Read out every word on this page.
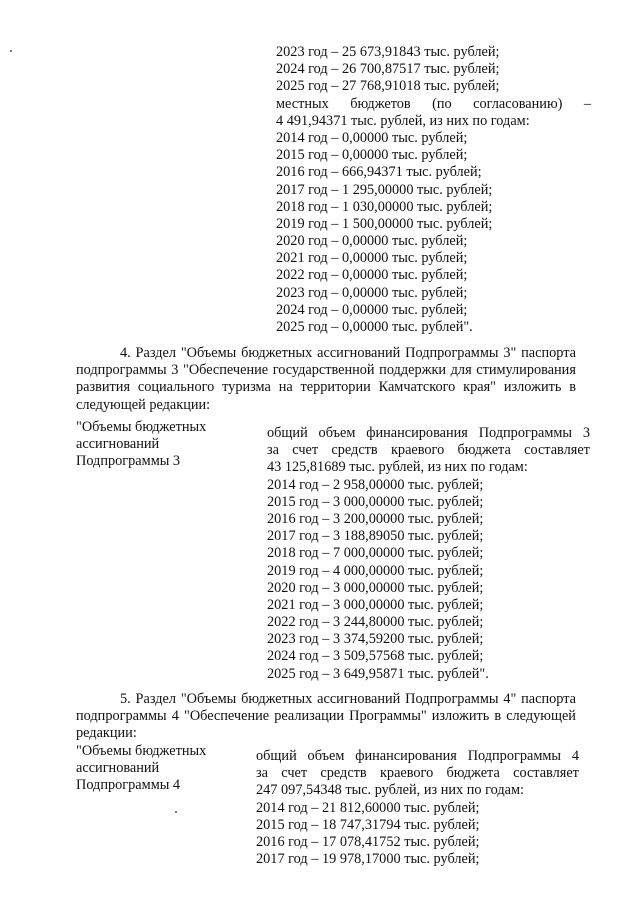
2023 год – 25 673,91843 тыс. рублей;
2024 год – 26 700,87517 тыс. рублей;
2025 год – 27 768,91018 тыс. рублей;
местных бюджетов (по согласованию) –
4 491,94371 тыс. рублей, из них по годам:
2014 год – 0,00000 тыс. рублей;
2015 год – 0,00000 тыс. рублей;
2016 год – 666,94371 тыс. рублей;
2017 год – 1 295,00000 тыс. рублей;
2018 год – 1 030,00000 тыс. рублей;
2019 год – 1 500,00000 тыс. рублей;
2020 год – 0,00000 тыс. рублей;
2021 год – 0,00000 тыс. рублей;
2022 год – 0,00000 тыс. рублей;
2023 год – 0,00000 тыс. рублей;
2024 год – 0,00000 тыс. рублей;
2025 год – 0,00000 тыс. рублей".
4. Раздел "Объемы бюджетных ассигнований Подпрограммы 3" паспорта
подпрограммы 3 "Обеспечение государственной поддержки для стимулирования
развития социального туризма на территории Камчатского края" изложить в
следующей редакции:
"Объемы бюджетных
ассигнований
Подпрограммы 3
общий объем финансирования Подпрограммы 3
за счет средств краевого бюджета составляет
43 125,81689 тыс. рублей, из них по годам:
2014 год – 2 958,00000 тыс. рублей;
2015 год – 3 000,00000 тыс. рублей;
2016 год – 3 200,00000 тыс. рублей;
2017 год – 3 188,89050 тыс. рублей;
2018 год – 7 000,00000 тыс. рублей;
2019 год – 4 000,00000 тыс. рублей;
2020 год – 3 000,00000 тыс. рублей;
2021 год – 3 000,00000 тыс. рублей;
2022 год – 3 244,80000 тыс. рублей;
2023 год – 3 374,59200 тыс. рублей;
2024 год – 3 509,57568 тыс. рублей;
2025 год – 3 649,95871 тыс. рублей".
5. Раздел "Объемы бюджетных ассигнований Подпрограммы 4" паспорта
подпрограммы 4 "Обеспечение реализации Программы" изложить в следующей
редакции:
"Объемы бюджетных
ассигнований
Подпрограммы 4
общий объем финансирования Подпрограммы 4
за счет средств краевого бюджета составляет
247 097,54348 тыс. рублей, из них по годам:
2014 год – 21 812,60000 тыс. рублей;
2015 год – 18 747,31794 тыс. рублей;
2016 год – 17 078,41752 тыс. рублей;
2017 год – 19 978,17000 тыс. рублей;
